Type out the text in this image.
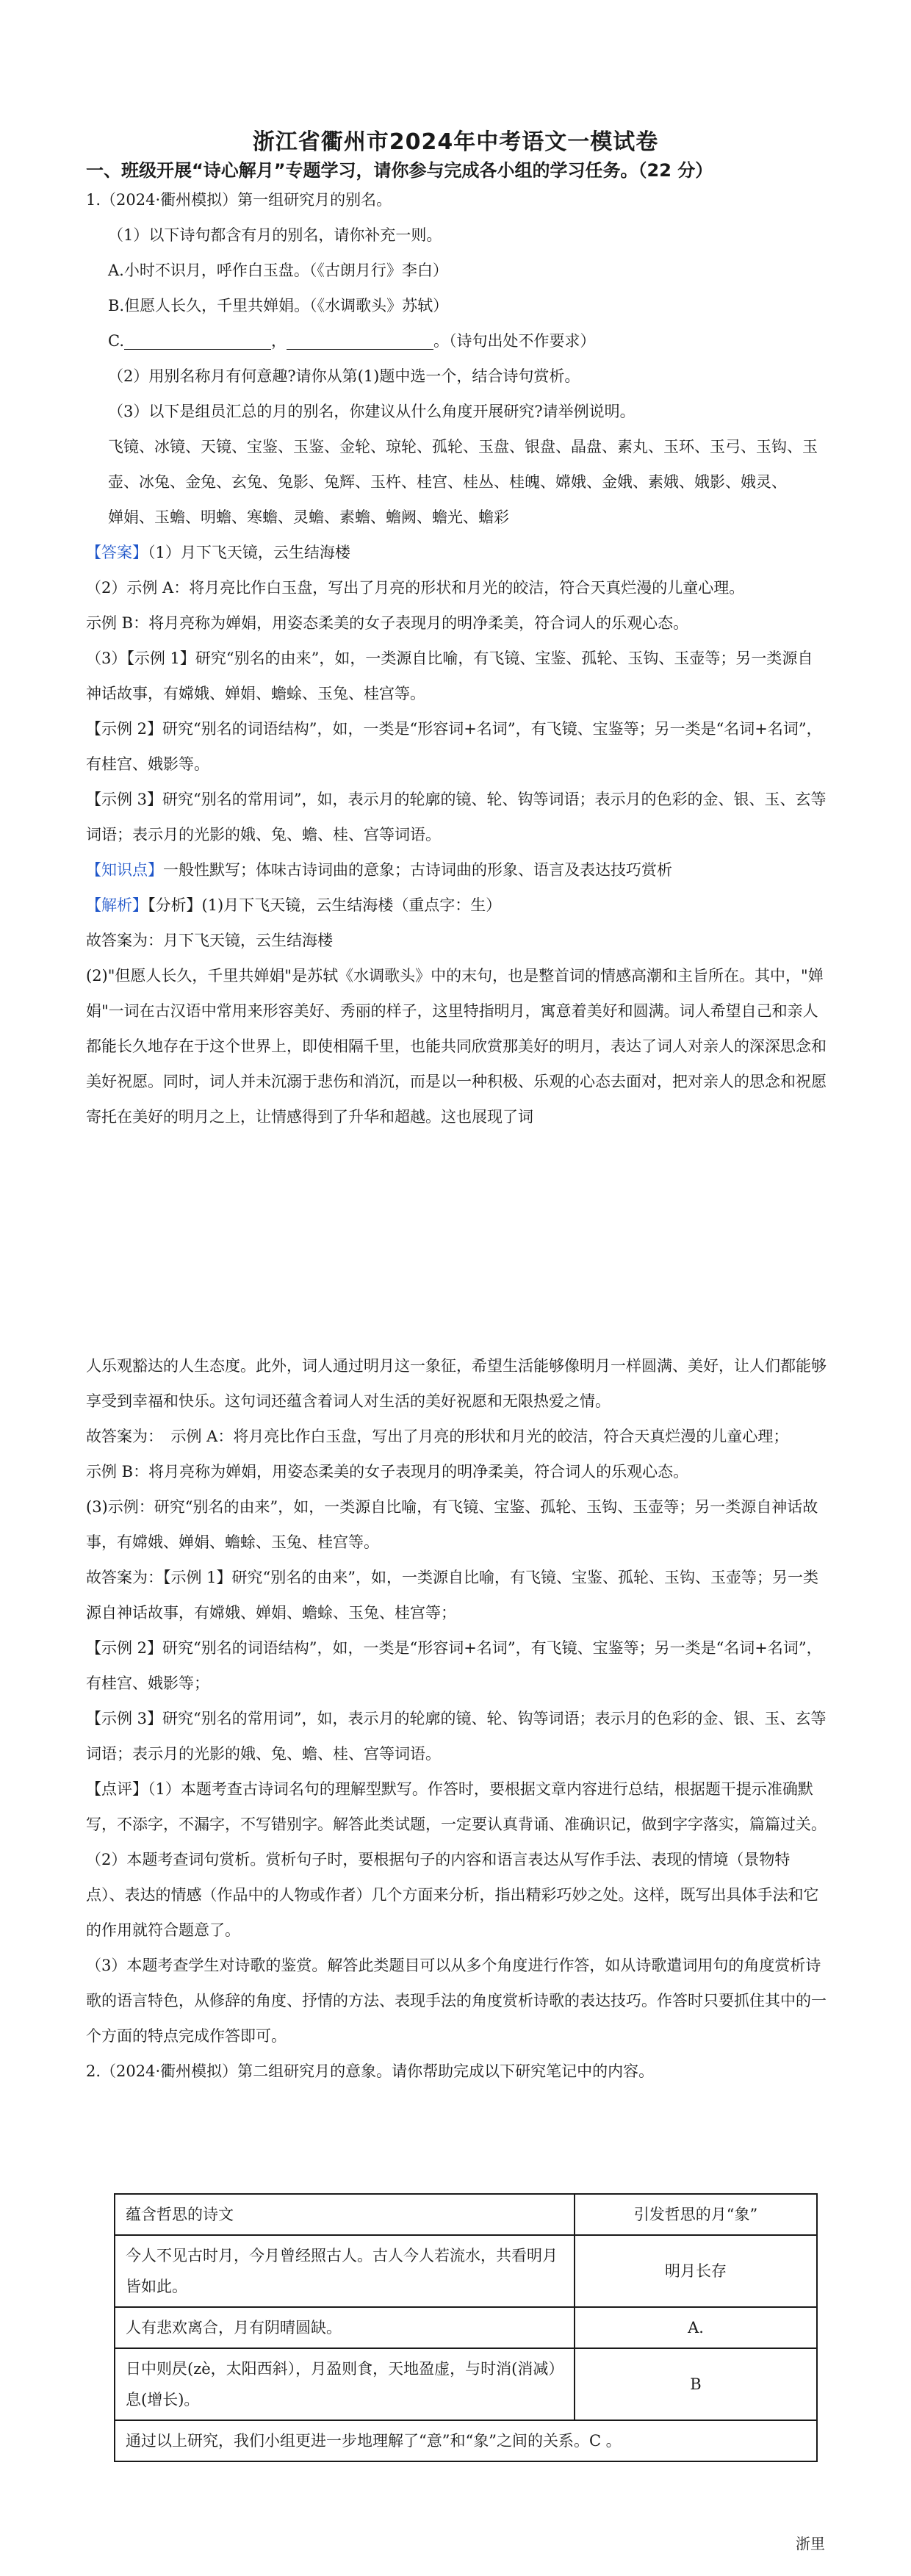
浙江省衢州市2024年中考语文一模试卷
一、班级开展“诗心解月”专题学习，请你参与完成各小组的学习任务。（22 分）

1.（2024·衢州模拟）第一组研究月的别名。

（1）以下诗句都含有月的别名，请你补充一则。

A.小时不识月，呼作白玉盘。（《古朗月行》李白）

B.但愿人长久，千里共婵娟。（《水调歌头》苏轼）

C.	，	。（诗句出处不作要求）

（2）用别名称月有何意趣?请你从第(1)题中选一个，结合诗句赏析。

（3）以下是组员汇总的月的别名，你建议从什么角度开展研究?请举例说明。

飞镜、冰镜、天镜、宝鉴、玉鉴、金轮、琼轮、孤轮、玉盘、银盘、晶盘、素丸、玉环、玉弓、玉钩、玉壶、冰兔、金兔、玄兔、兔影、兔辉、玉杵、桂宫、桂丛、桂魄、嫦娥、金娥、素娥、娥影、娥灵、

婵娟、玉蟾、明蟾、寒蟾、灵蟾、素蟾、蟾阙、蟾光、蟾彩

【答案】（1）月下飞天镜，云生结海楼

（2）示例 A：将月亮比作白玉盘，写出了月亮的形状和月光的皎洁，符合天真烂漫的儿童心理。

示例 B：将月亮称为婵娟，用姿态柔美的女子表现月的明净柔美，符合词人的乐观心态。

（3）【示例 1】研究“别名的由来”，如，一类源自比喻，有飞镜、宝鉴、孤轮、玉钩、玉壶等；另一类源自神话故事，有嫦娥、婵娟、蟾蜍、玉兔、桂宫等。

【示例 2】研究“别名的词语结构”，如，一类是“形容词+名词”，有飞镜、宝鉴等；另一类是“名词+名词”，有桂宫、娥影等。

【示例 3】研究“别名的常用词”，如，表示月的轮廓的镜、轮、钩等词语；表示月的色彩的金、银、玉、玄等词语；表示月的光影的娥、兔、蟾、桂、宫等词语。

【知识点】一般性默写；体味古诗词曲的意象；古诗词曲的形象、语言及表达技巧赏析

【解析】【分析】(1)月下飞天镜，云生结海楼（重点字：生）

故答案为：月下飞天镜，云生结海楼

(2)"但愿人长久，千里共婵娟"是苏轼《水调歌头》中的末句，也是整首词的情感高潮和主旨所在。其中，"婵娟"一词在古汉语中常用来形容美好、秀丽的样子，这里特指明月，寓意着美好和圆满。词人希望自己和亲人都能长久地存在于这个世界上，即使相隔千里，也能共同欣赏那美好的明月，表达了词人对亲人的深深思念和美好祝愿。同时，词人并未沉溺于悲伤和消沉，而是以一种积极、乐观的心态去面对，把对亲人的思念和祝愿寄托在美好的明月之上，让情感得到了升华和超越。这也展现了词

人乐观豁达的人生态度。此外，词人通过明月这一象征，希望生活能够像明月一样圆满、美好，让人们都能够享受到幸福和快乐。这句词还蕴含着词人对生活的美好祝愿和无限热爱之情。

故答案为：　示例 A：将月亮比作白玉盘，写出了月亮的形状和月光的皎洁，符合天真烂漫的儿童心理；

示例 B：将月亮称为婵娟，用姿态柔美的女子表现月的明净柔美，符合词人的乐观心态。

(3)示例：研究“别名的由来”，如，一类源自比喻，有飞镜、宝鉴、孤轮、玉钩、玉壶等；另一类源自神话故事，有嫦娥、婵娟、蟾蜍、玉兔、桂宫等。

故答案为：【示例 1】研究“别名的由来”，如，一类源自比喻，有飞镜、宝鉴、孤轮、玉钩、玉壶等；另一类源自神话故事，有嫦娥、婵娟、蟾蜍、玉兔、桂宫等；

【示例 2】研究“别名的词语结构”，如，一类是“形容词+名词”，有飞镜、宝鉴等；另一类是“名词+名词”，有桂宫、娥影等；

【示例 3】研究“别名的常用词”，如，表示月的轮廓的镜、轮、钩等词语；表示月的色彩的金、银、玉、玄等词语；表示月的光影的娥、兔、蟾、桂、宫等词语。

【点评】（1）本题考查古诗词名句的理解型默写。作答时，要根据文章内容进行总结，根据题干提示准确默写，不添字，不漏字，不写错别字。解答此类试题，一定要认真背诵、准确识记，做到字字落实，篇篇过关。

（2）本题考查词句赏析。赏析句子时，要根据句子的内容和语言表达从写作手法、表现的情境（景物特点）、表达的情感（作品中的人物或作者）几个方面来分析，指出精彩巧妙之处。这样，既写出具体手法和它的作用就符合题意了。

（3）本题考查学生对诗歌的鉴赏。解答此类题目可以从多个角度进行作答，如从诗歌遣词用句的角度赏析诗歌的语言特色，从修辞的角度、抒情的方法、表现手法的角度赏析诗歌的表达技巧。作答时只要抓住其中的一个方面的特点完成作答即可。

2.（2024·衢州模拟）第二组研究月的意象。请你帮助完成以下研究笔记中的内容。

蕴含哲思的诗文	引发哲思的月“象”
今人不见古时月，今月曾经照古人。古人今人若流水，共看明月皆如此。	明月长存
人有悲欢离合，月有阴晴圆缺。	A.
日中则昃(zè，太阳西斜），月盈则食，天地盈虚，与时消(消减）息(增长)。	B
通过以上研究，我们小组更进一步地理解了“意”和“象”之间的关系。C 。	
浙里
